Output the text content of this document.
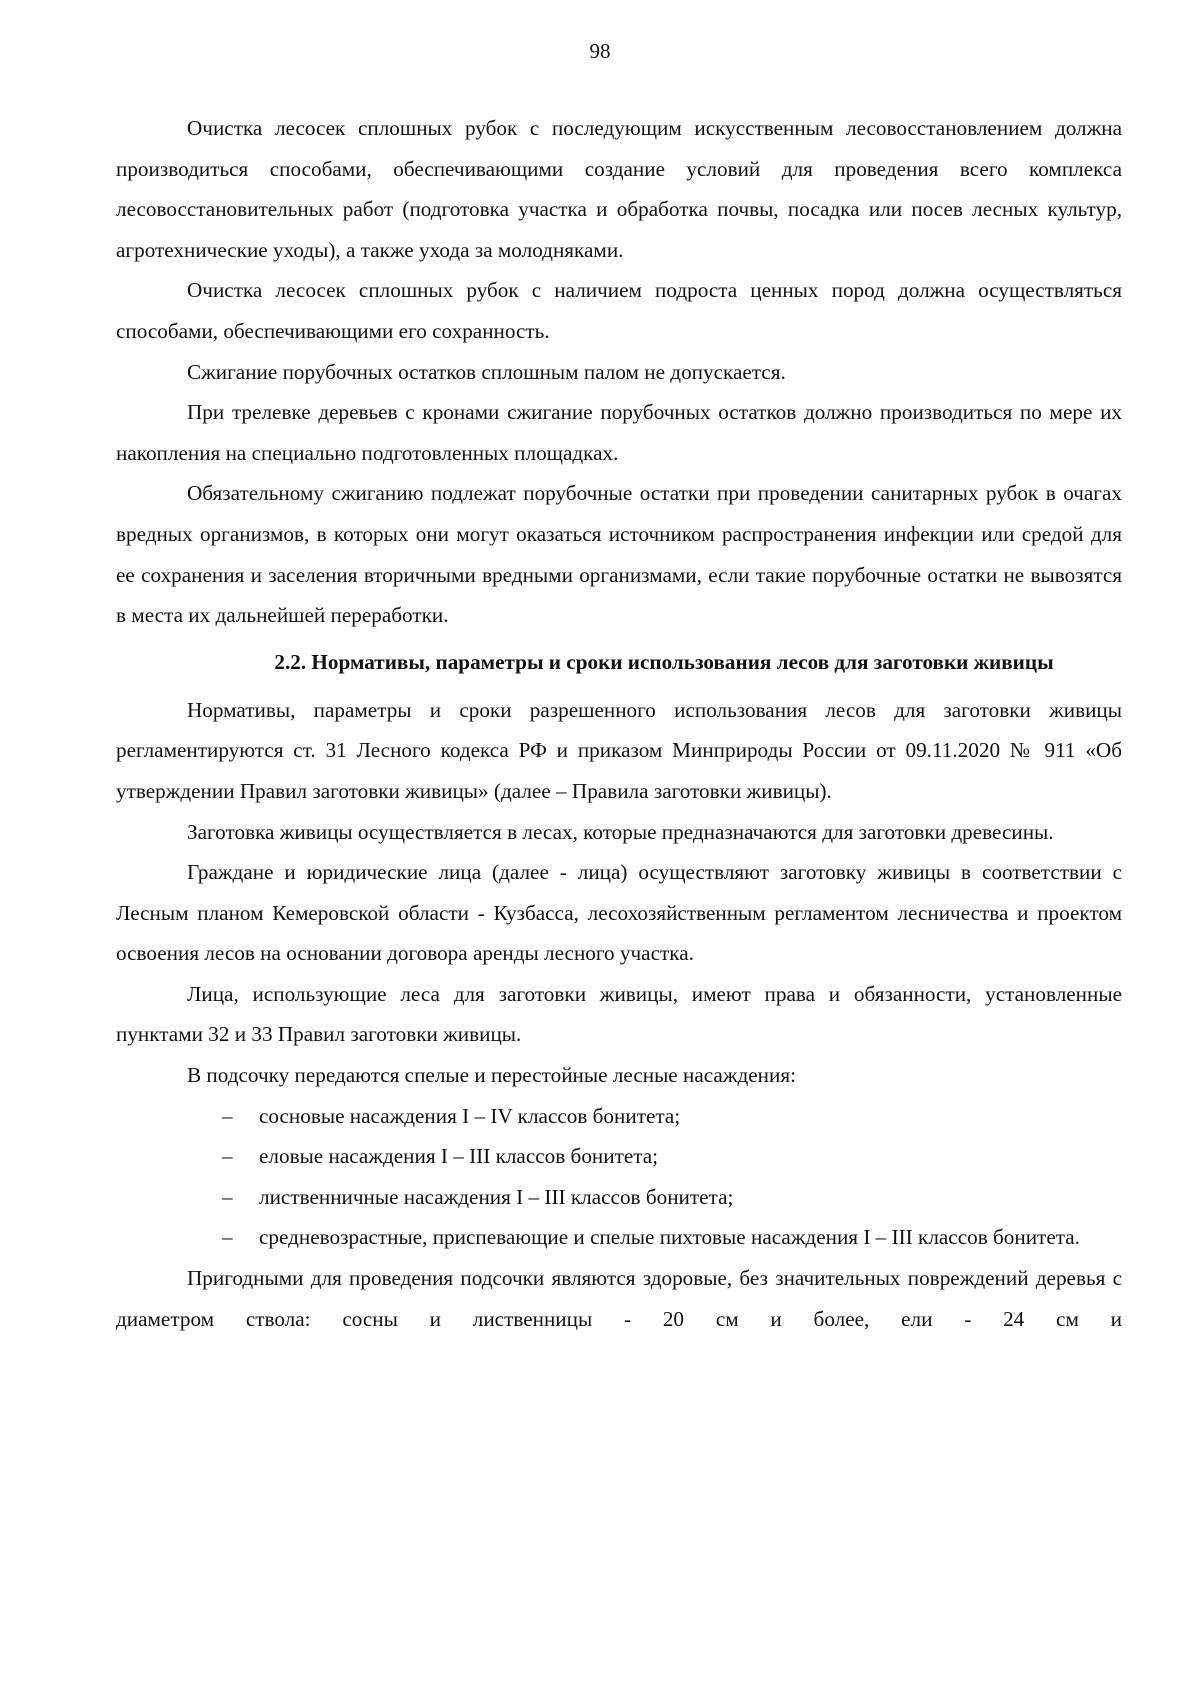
98

Очистка лесосек сплошных рубок с последующим искусственным лесовосстановлением должна производиться способами, обеспечивающими создание условий для проведения всего комплекса лесовосстановительных работ (подготовка участка и обработка почвы, посадка или посев лесных культур, агротехнические уходы), а также ухода за молодняками.

Очистка лесосек сплошных рубок с наличием подроста ценных пород должна осуществляться способами, обеспечивающими его сохранность.

Сжигание порубочных остатков сплошным палом не допускается.

При трелевке деревьев с кронами сжигание порубочных остатков должно производиться по мере их накопления на специально подготовленных площадках.

Обязательному сжиганию подлежат порубочные остатки при проведении санитарных рубок в очагах вредных организмов, в которых они могут оказаться источником распространения инфекции или средой для ее сохранения и заселения вторичными вредными организмами, если такие порубочные остатки не вывозятся в места их дальнейшей переработки.

2.2. Нормативы, параметры и сроки использования лесов для заготовки живицы

Нормативы, параметры и сроки разрешенного использования лесов для заготовки живицы регламентируются ст. 31 Лесного кодекса РФ и приказом Минприроды России от 09.11.2020 № 911 «Об утверждении Правил заготовки живицы» (далее – Правила заготовки живицы).

Заготовка живицы осуществляется в лесах, которые предназначаются для заготовки древесины.

Граждане и юридические лица (далее - лица) осуществляют заготовку живицы в соответствии с Лесным планом Кемеровской области - Кузбасса, лесохозяйственным регламентом лесничества и проектом освоения лесов на основании договора аренды лесного участка.

Лица, использующие леса для заготовки живицы, имеют права и обязанности, установленные пунктами 32 и 33 Правил заготовки живицы.

В подсочку передаются спелые и перестойные лесные насаждения:

– сосновые насаждения I – IV классов бонитета;
– еловые насаждения I – III классов бонитета;
– лиственничные насаждения I – III классов бонитета;
– средневозрастные, приспевающие и спелые пихтовые насаждения I – III классов бонитета.

Пригодными для проведения подсочки являются здоровые, без значительных повреждений деревья с диаметром ствола: сосны и лиственницы - 20 см и более, ели - 24 см и
